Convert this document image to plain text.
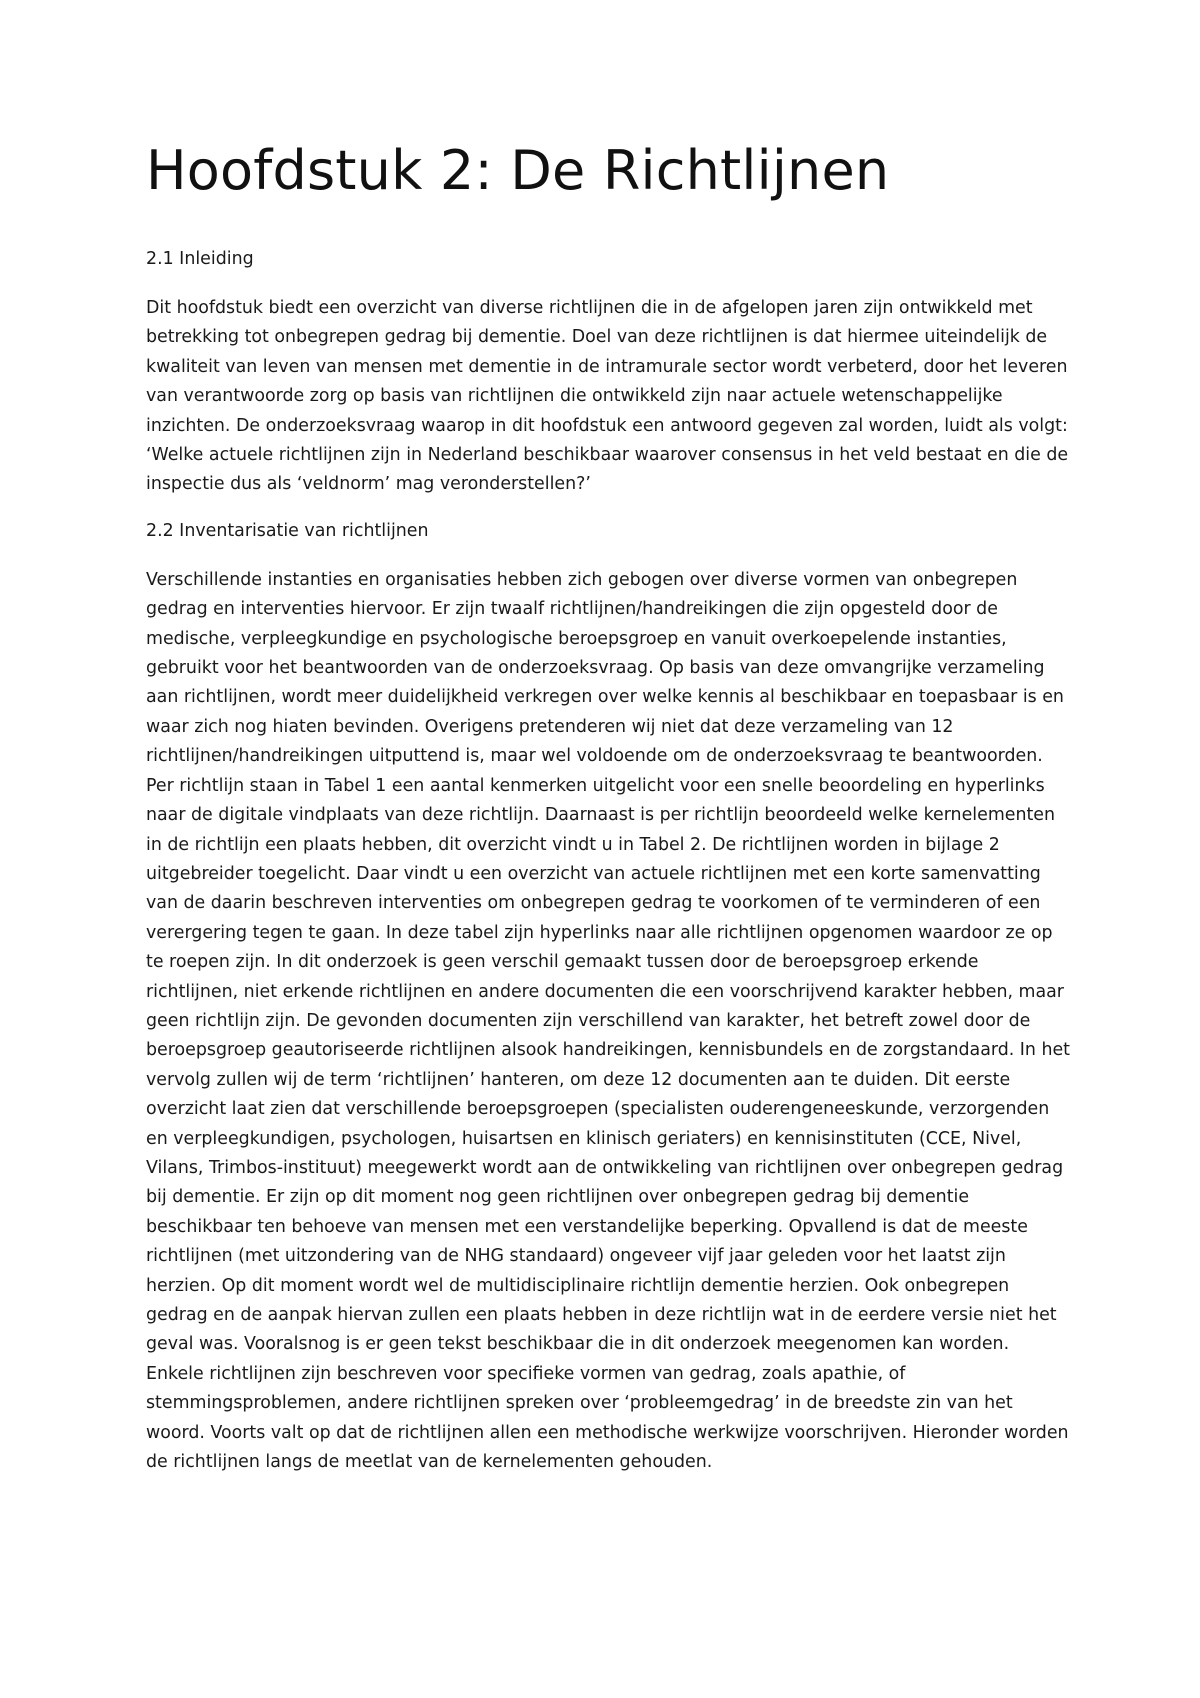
Hoofdstuk 2: De Richtlijnen
2.1 Inleiding

Dit hoofdstuk biedt een overzicht van diverse richtlijnen die in de afgelopen jaren zijn ontwikkeld met betrekking tot onbegrepen gedrag bij dementie. Doel van deze richtlijnen is dat hiermee uiteindelijk de kwaliteit van leven van mensen met dementie in de intramurale sector wordt verbeterd, door het leveren van verantwoorde zorg op basis van richtlijnen die ontwikkeld zijn naar actuele wetenschappelijke inzichten. De onderzoeksvraag waarop in dit hoofdstuk een antwoord gegeven zal worden, luidt als volgt: ‘Welke actuele richtlijnen zijn in Nederland beschikbaar waarover consensus in het veld bestaat en die de inspectie dus als ‘veldnorm’ mag veronderstellen?’

2.2 Inventarisatie van richtlijnen

Verschillende instanties en organisaties hebben zich gebogen over diverse vormen van onbegrepen gedrag en interventies hiervoor. Er zijn twaalf richtlijnen/handreikingen die zijn opgesteld door de medische, verpleegkundige en psychologische beroepsgroep en vanuit overkoepelende instanties, gebruikt voor het beantwoorden van de onderzoeksvraag. Op basis van deze omvangrijke verzameling aan richtlijnen, wordt meer duidelijkheid verkregen over welke kennis al beschikbaar en toepasbaar is en waar zich nog hiaten bevinden. Overigens pretenderen wij niet dat deze verzameling van 12 richtlijnen/handreikingen uitputtend is, maar wel voldoende om de onderzoeksvraag te beantwoorden. Per richtlijn staan in Tabel 1 een aantal kenmerken uitgelicht voor een snelle beoordeling en hyperlinks naar de digitale vindplaats van deze richtlijn. Daarnaast is per richtlijn beoordeeld welke kernelementen in de richtlijn een plaats hebben, dit overzicht vindt u in Tabel 2. De richtlijnen worden in bijlage 2 uitgebreider toegelicht. Daar vindt u een overzicht van actuele richtlijnen met een korte samenvatting van de daarin beschreven interventies om onbegrepen gedrag te voorkomen of te verminderen of een verergering tegen te gaan. In deze tabel zijn hyperlinks naar alle richtlijnen opgenomen waardoor ze op te roepen zijn. In dit onderzoek is geen verschil gemaakt tussen door de beroepsgroep erkende richtlijnen, niet erkende richtlijnen en andere documenten die een voorschrijvend karakter hebben, maar geen richtlijn zijn. De gevonden documenten zijn verschillend van karakter, het betreft zowel door de beroepsgroep geautoriseerde richtlijnen alsook handreikingen, kennisbundels en de zorgstandaard. In het vervolg zullen wij de term ‘richtlijnen’ hanteren, om deze 12 documenten aan te duiden. Dit eerste overzicht laat zien dat verschillende beroepsgroepen (specialisten ouderengeneeskunde, verzorgenden en verpleegkundigen, psychologen, huisartsen en klinisch geriaters) en kennisinstituten (CCE, Nivel, Vilans, Trimbos-instituut) meegewerkt wordt aan de ontwikkeling van richtlijnen over onbegrepen gedrag bij dementie. Er zijn op dit moment nog geen richtlijnen over onbegrepen gedrag bij dementie beschikbaar ten behoeve van mensen met een verstandelijke beperking. Opvallend is dat de meeste richtlijnen (met uitzondering van de NHG standaard) ongeveer vijf jaar geleden voor het laatst zijn herzien. Op dit moment wordt wel de multidisciplinaire richtlijn dementie herzien. Ook onbegrepen gedrag en de aanpak hiervan zullen een plaats hebben in deze richtlijn wat in de eerdere versie niet het geval was. Vooralsnog is er geen tekst beschikbaar die in dit onderzoek meegenomen kan worden. Enkele richtlijnen zijn beschreven voor specifieke vormen van gedrag, zoals apathie, of stemmingsproblemen, andere richtlijnen spreken over ‘probleemgedrag’ in de breedste zin van het woord. Voorts valt op dat de richtlijnen allen een methodische werkwijze voorschrijven. Hieronder worden de richtlijnen langs de meetlat van de kernelementen gehouden.
